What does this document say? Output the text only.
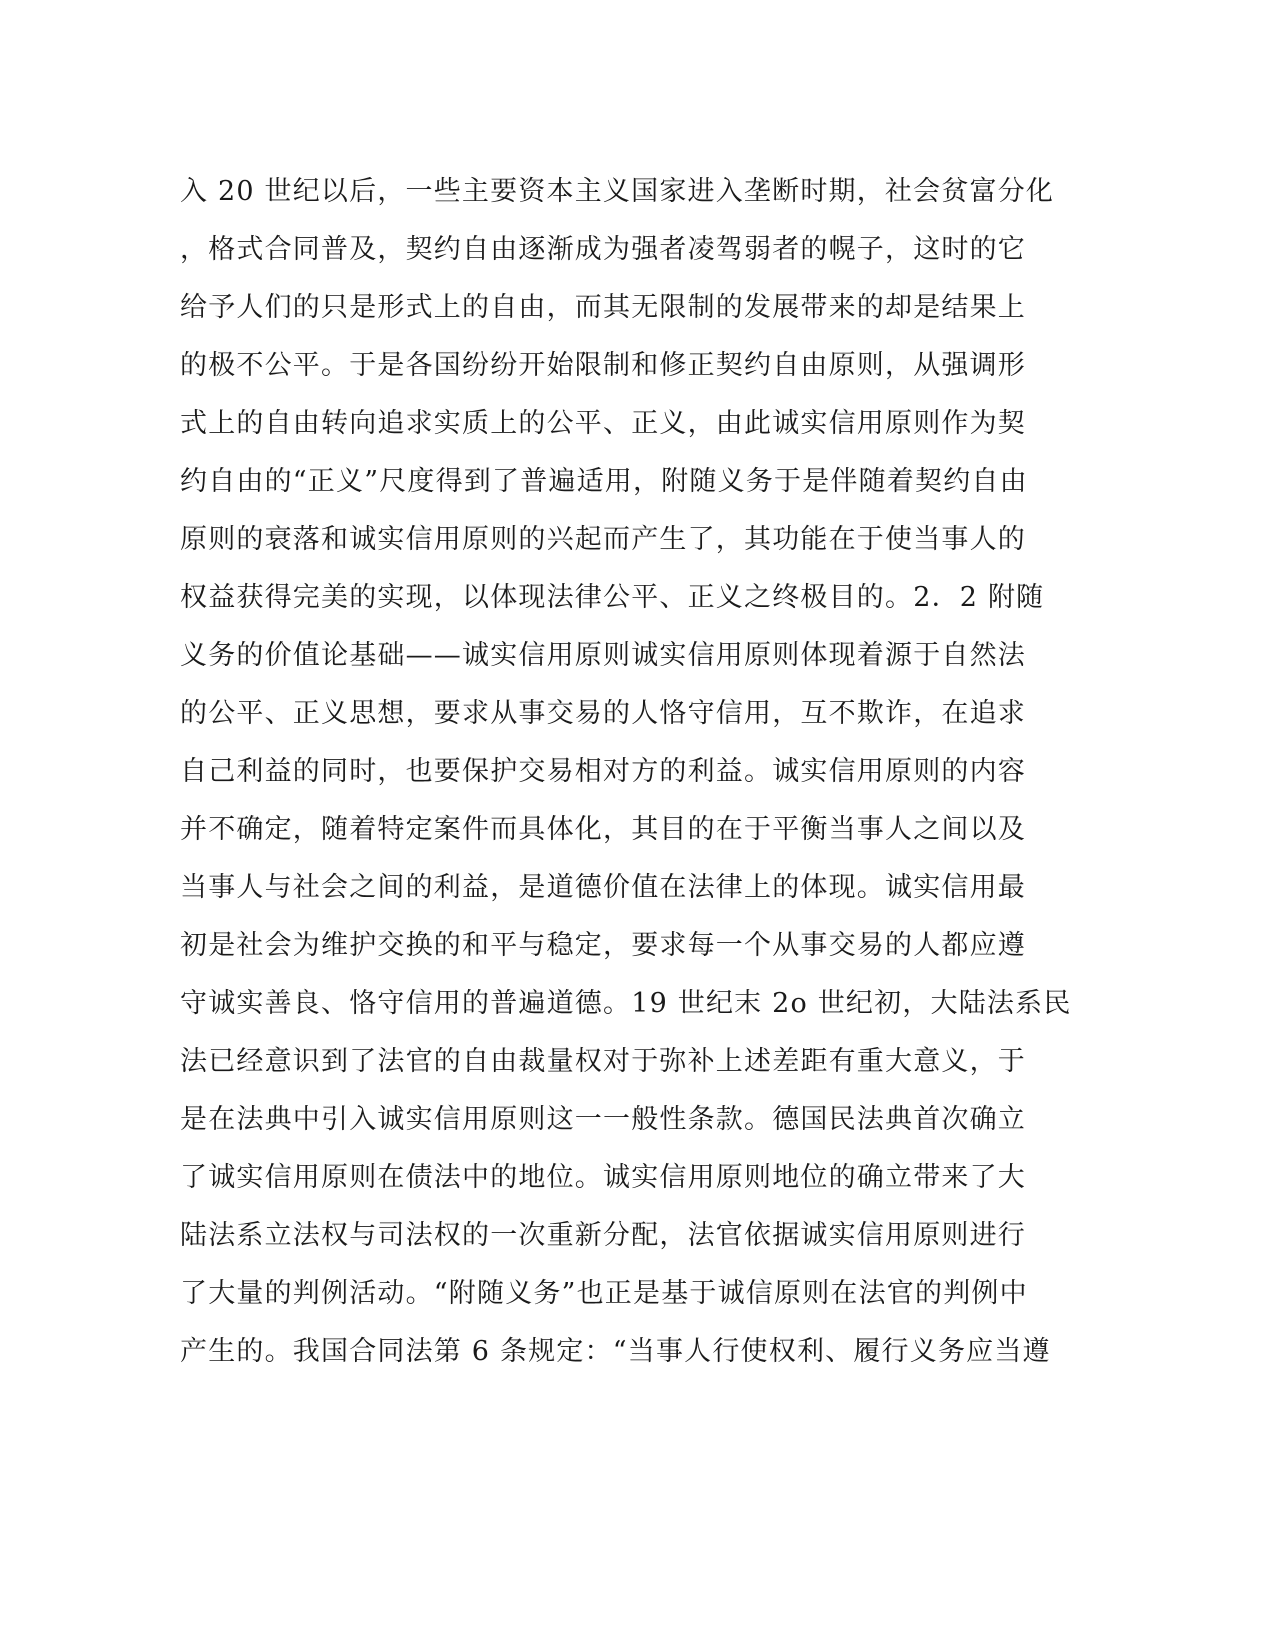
入 20 世纪以后，一些主要资本主义国家进入垄断时期，社会贫富分化

，格式合同普及，契约自由逐渐成为强者凌驾弱者的幌子，这时的它

给予人们的只是形式上的自由，而其无限制的发展带来的却是结果上

的极不公平。于是各国纷纷开始限制和修正契约自由原则，从强调形

式上的自由转向追求实质上的公平、正义，由此诚实信用原则作为契

约自由的“正义”尺度得到了普遍适用，附随义务于是伴随着契约自由

原则的衰落和诚实信用原则的兴起而产生了，其功能在于使当事人的

权益获得完美的实现，以体现法律公平、正义之终极目的。2．2 附随

义务的价值论基础——诚实信用原则诚实信用原则体现着源于自然法

的公平、正义思想，要求从事交易的人恪守信用，互不欺诈，在追求

自己利益的同时，也要保护交易相对方的利益。诚实信用原则的内容

并不确定，随着特定案件而具体化，其目的在于平衡当事人之间以及

当事人与社会之间的利益，是道德价值在法律上的体现。诚实信用最

初是社会为维护交换的和平与稳定，要求每一个从事交易的人都应遵

守诚实善良、恪守信用的普遍道德。19 世纪末 2o 世纪初，大陆法系民

法已经意识到了法官的自由裁量权对于弥补上述差距有重大意义，于

是在法典中引入诚实信用原则这一一般性条款。德国民法典首次确立

了诚实信用原则在债法中的地位。诚实信用原则地位的确立带来了大

陆法系立法权与司法权的一次重新分配，法官依据诚实信用原则进行

了大量的判例活动。“附随义务”也正是基于诚信原则在法官的判例中

产生的。我国合同法第 6 条规定：“当事人行使权利、履行义务应当遵
